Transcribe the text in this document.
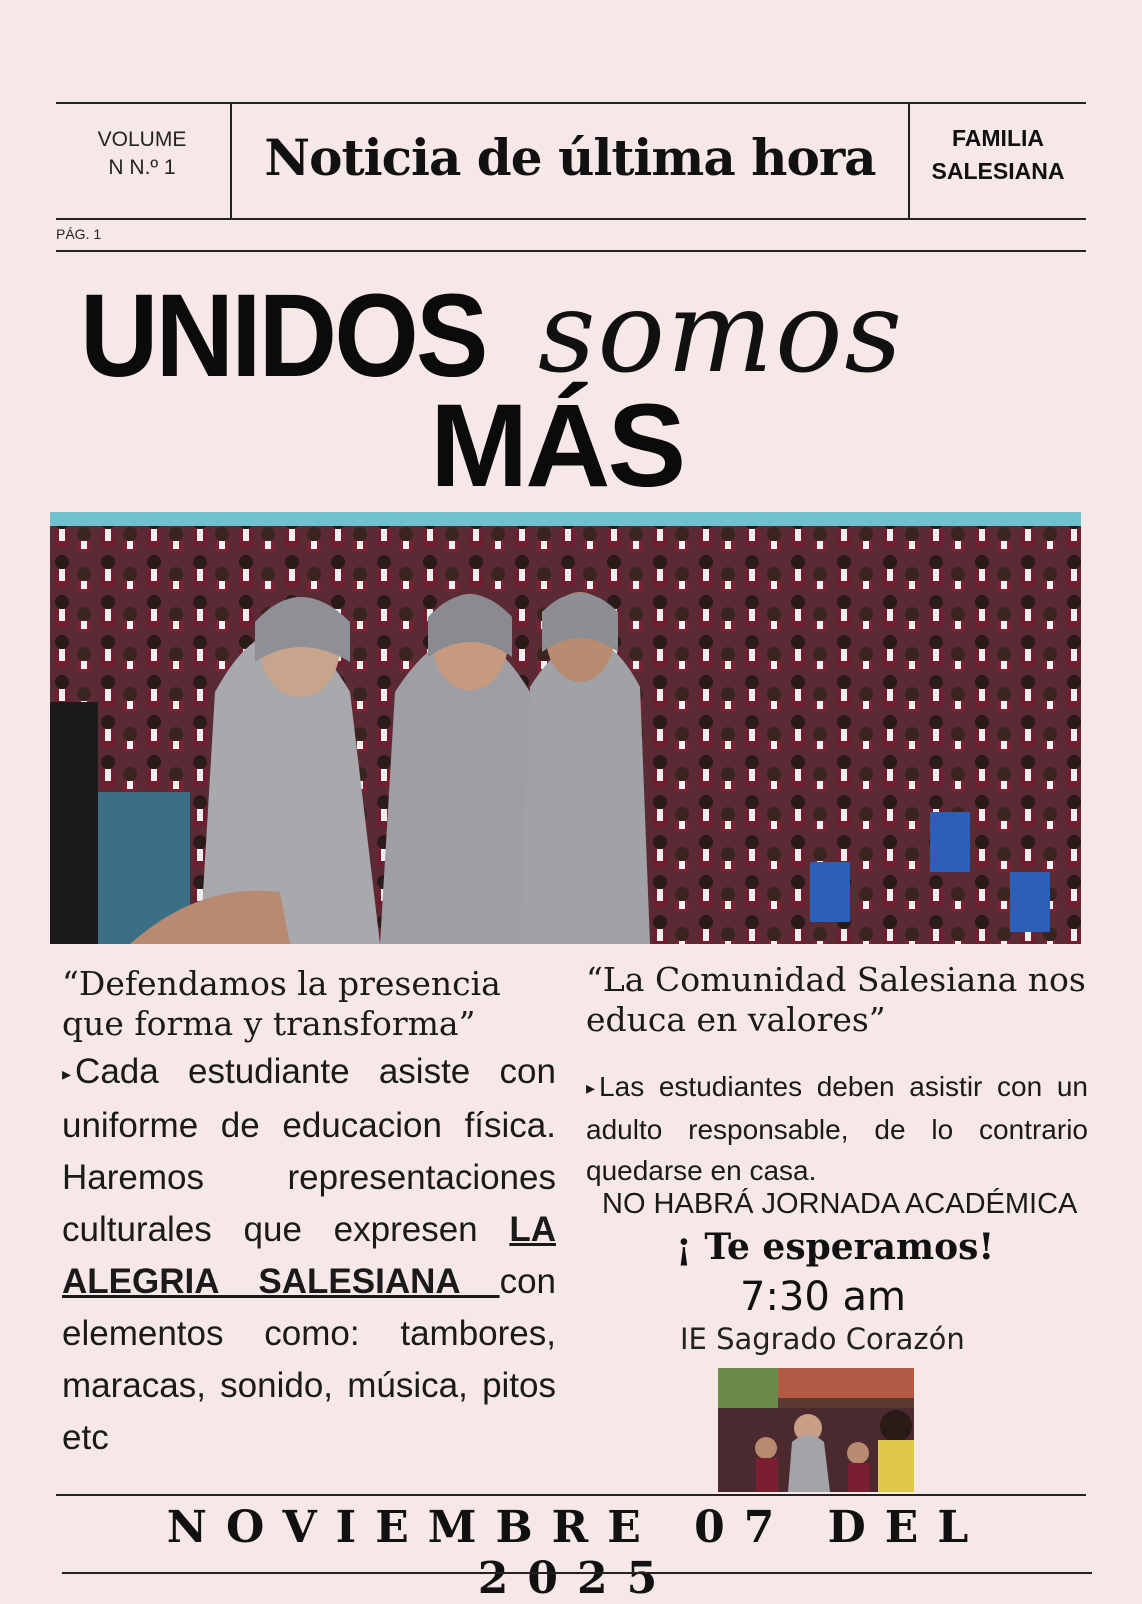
VOLUME
N N.º 1	Noticia de última hora	FAMILIA
SALESIANA
PÁG. 1
UNIDOS somos
MÁS
“Defendamos la presencia que forma y transforma”
▸ Cada estudiante asiste con uniforme de educacion física. Haremos representaciones culturales que expresen LA ALEGRIA SALESIANA con elementos como: tambores, maracas, sonido, música, pitos etc
“La Comunidad Salesiana nos educa en valores”
▸ Las estudiantes deben asistir con un adulto responsable, de lo contrario quedarse en casa.
NO HABRÁ JORNADA ACADÉMICA
¡ Te esperamos!
7:30 am
IE Sagrado Corazón
NOVIEMBRE 07 DEL 2025
